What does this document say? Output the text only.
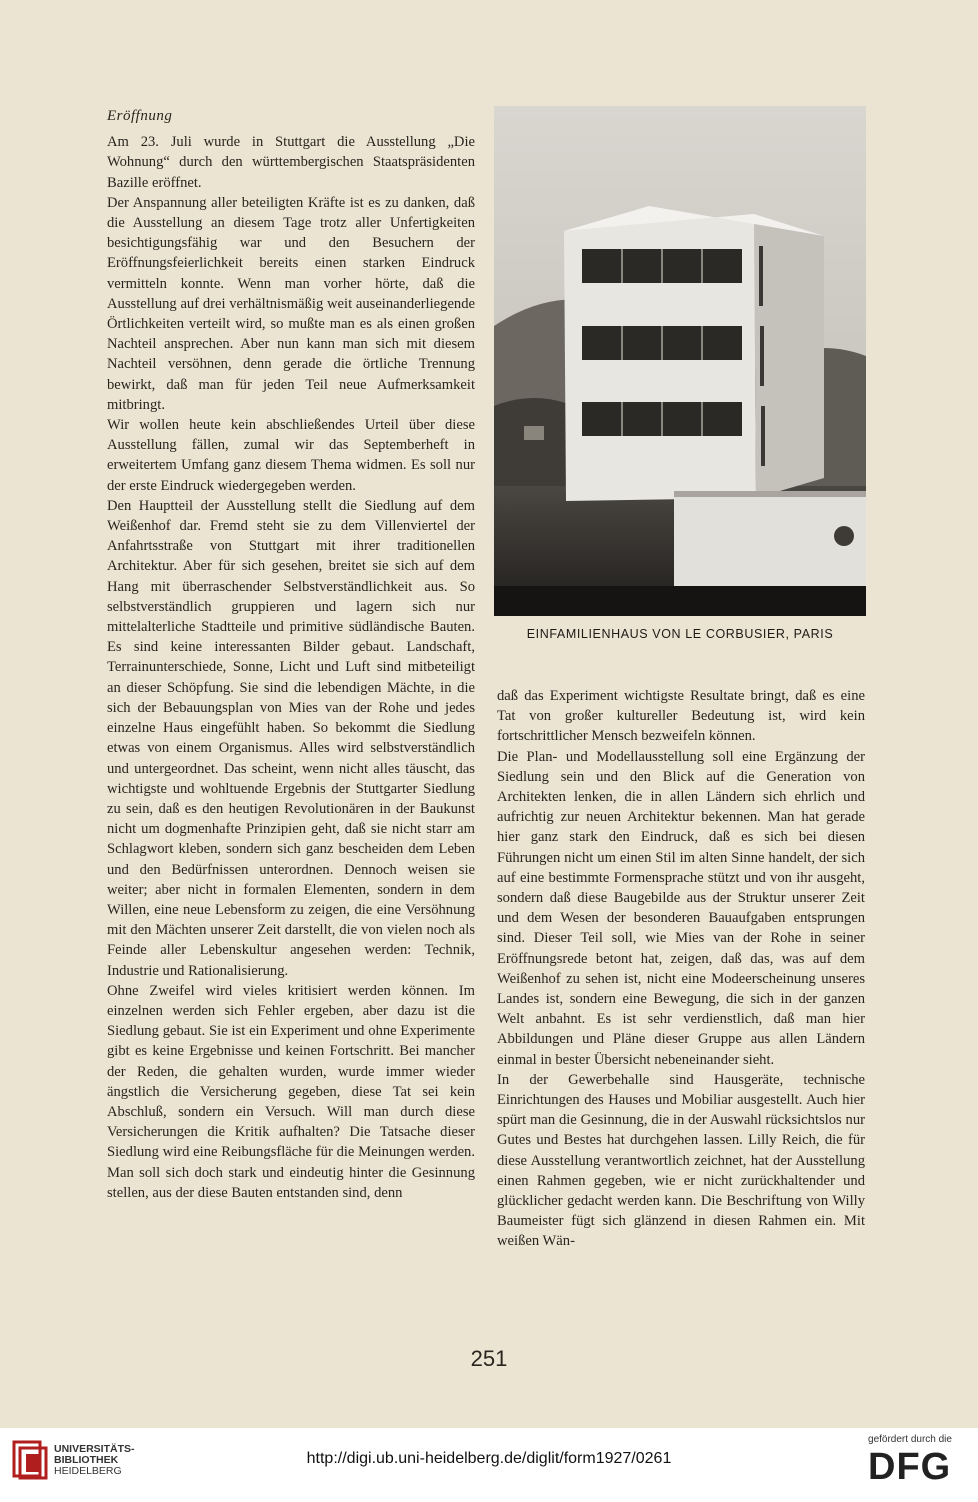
Eröffnung

Am 23. Juli wurde in Stuttgart die Ausstellung „Die Wohnung“ durch den württembergischen Staatspräsidenten Bazille eröffnet.

Der Anspannung aller beteiligten Kräfte ist es zu danken, daß die Ausstellung an diesem Tage trotz aller Unfertigkeiten besichtigungsfähig war und den Besuchern der Eröffnungsfeierlichkeit bereits einen starken Eindruck vermitteln konnte. Wenn man vorher hörte, daß die Ausstellung auf drei verhältnismäßig weit auseinanderliegende Örtlichkeiten verteilt wird, so mußte man es als einen großen Nachteil ansprechen. Aber nun kann man sich mit diesem Nachteil versöhnen, denn gerade die örtliche Trennung bewirkt, daß man für jeden Teil neue Aufmerksamkeit mitbringt.

Wir wollen heute kein abschließendes Urteil über diese Ausstellung fällen, zumal wir das Septemberheft in erweitertem Umfang ganz diesem Thema widmen. Es soll nur der erste Eindruck wiedergegeben werden.

Den Hauptteil der Ausstellung stellt die Siedlung auf dem Weißenhof dar. Fremd steht sie zu dem Villenviertel der Anfahrtsstraße von Stuttgart mit ihrer traditionellen Architektur. Aber für sich gesehen, breitet sie sich auf dem Hang mit überraschender Selbstverständlichkeit aus. So selbstverständlich gruppieren und lagern sich nur mittelalterliche Stadtteile und primitive südländische Bauten. Es sind keine interessanten Bilder gebaut. Landschaft, Terrainunterschiede, Sonne, Licht und Luft sind mitbeteiligt an dieser Schöpfung. Sie sind die lebendigen Mächte, in die sich der Bebauungsplan von Mies van der Rohe und jedes einzelne Haus eingefühlt haben. So bekommt die Siedlung etwas von einem Organismus. Alles wird selbstverständlich und untergeordnet. Das scheint, wenn nicht alles täuscht, das wichtigste und wohltuende Ergebnis der Stuttgarter Siedlung zu sein, daß es den heutigen Revolutionären in der Baukunst nicht um dogmenhafte Prinzipien geht, daß sie nicht starr am Schlagwort kleben, sondern sich ganz bescheiden dem Leben und den Bedürfnissen unterordnen. Dennoch weisen sie weiter; aber nicht in formalen Elementen, sondern in dem Willen, eine neue Lebensform zu zeigen, die eine Versöhnung mit den Mächten unserer Zeit darstellt, die von vielen noch als Feinde aller Lebenskultur angesehen werden: Technik, Industrie und Rationalisierung.

Ohne Zweifel wird vieles kritisiert werden können. Im einzelnen werden sich Fehler ergeben, aber dazu ist die Siedlung gebaut. Sie ist ein Experiment und ohne Experimente gibt es keine Ergebnisse und keinen Fortschritt. Bei mancher der Reden, die gehalten wurden, wurde immer wieder ängstlich die Versicherung gegeben, diese Tat sei kein Abschluß, sondern ein Versuch. Will man durch diese Versicherungen die Kritik aufhalten? Die Tatsache dieser Siedlung wird eine Reibungsfläche für die Meinungen werden. Man soll sich doch stark und eindeutig hinter die Gesinnung stellen, aus der diese Bauten entstanden sind, denn

EINFAMILIENHAUS VON LE CORBUSIER, PARIS

daß das Experiment wichtigste Resultate bringt, daß es eine Tat von großer kultureller Bedeutung ist, wird kein fortschrittlicher Mensch bezweifeln können.

Die Plan- und Modellausstellung soll eine Ergänzung der Siedlung sein und den Blick auf die Generation von Architekten lenken, die in allen Ländern sich ehrlich und aufrichtig zur neuen Architektur bekennen. Man hat gerade hier ganz stark den Eindruck, daß es sich bei diesen Führungen nicht um einen Stil im alten Sinne handelt, der sich auf eine bestimmte Formensprache stützt und von ihr ausgeht, sondern daß diese Baugebilde aus der Struktur unserer Zeit und dem Wesen der besonderen Bauaufgaben entsprungen sind. Dieser Teil soll, wie Mies van der Rohe in seiner Eröffnungsrede betont hat, zeigen, daß das, was auf dem Weißenhof zu sehen ist, nicht eine Modeerscheinung unseres Landes ist, sondern eine Bewegung, die sich in der ganzen Welt anbahnt. Es ist sehr verdienstlich, daß man hier Abbildungen und Pläne dieser Gruppe aus allen Ländern einmal in bester Übersicht nebeneinander sieht.

In der Gewerbehalle sind Hausgeräte, technische Einrichtungen des Hauses und Mobiliar ausgestellt. Auch hier spürt man die Gesinnung, die in der Auswahl rücksichtslos nur Gutes und Bestes hat durchgehen lassen. Lilly Reich, die für diese Ausstellung verantwortlich zeichnet, hat der Ausstellung einen Rahmen gegeben, wie er nicht zurückhaltender und glücklicher gedacht werden kann. Die Beschriftung von Willy Baumeister fügt sich glänzend in diesen Rahmen ein. Mit weißen Wän-

251
UNIVERSITÄTS-
BIBLIOTHEK
HEIDELBERG
http://digi.ub.uni-heidelberg.de/diglit/form1927/0261
gefördert durch die
DFG
